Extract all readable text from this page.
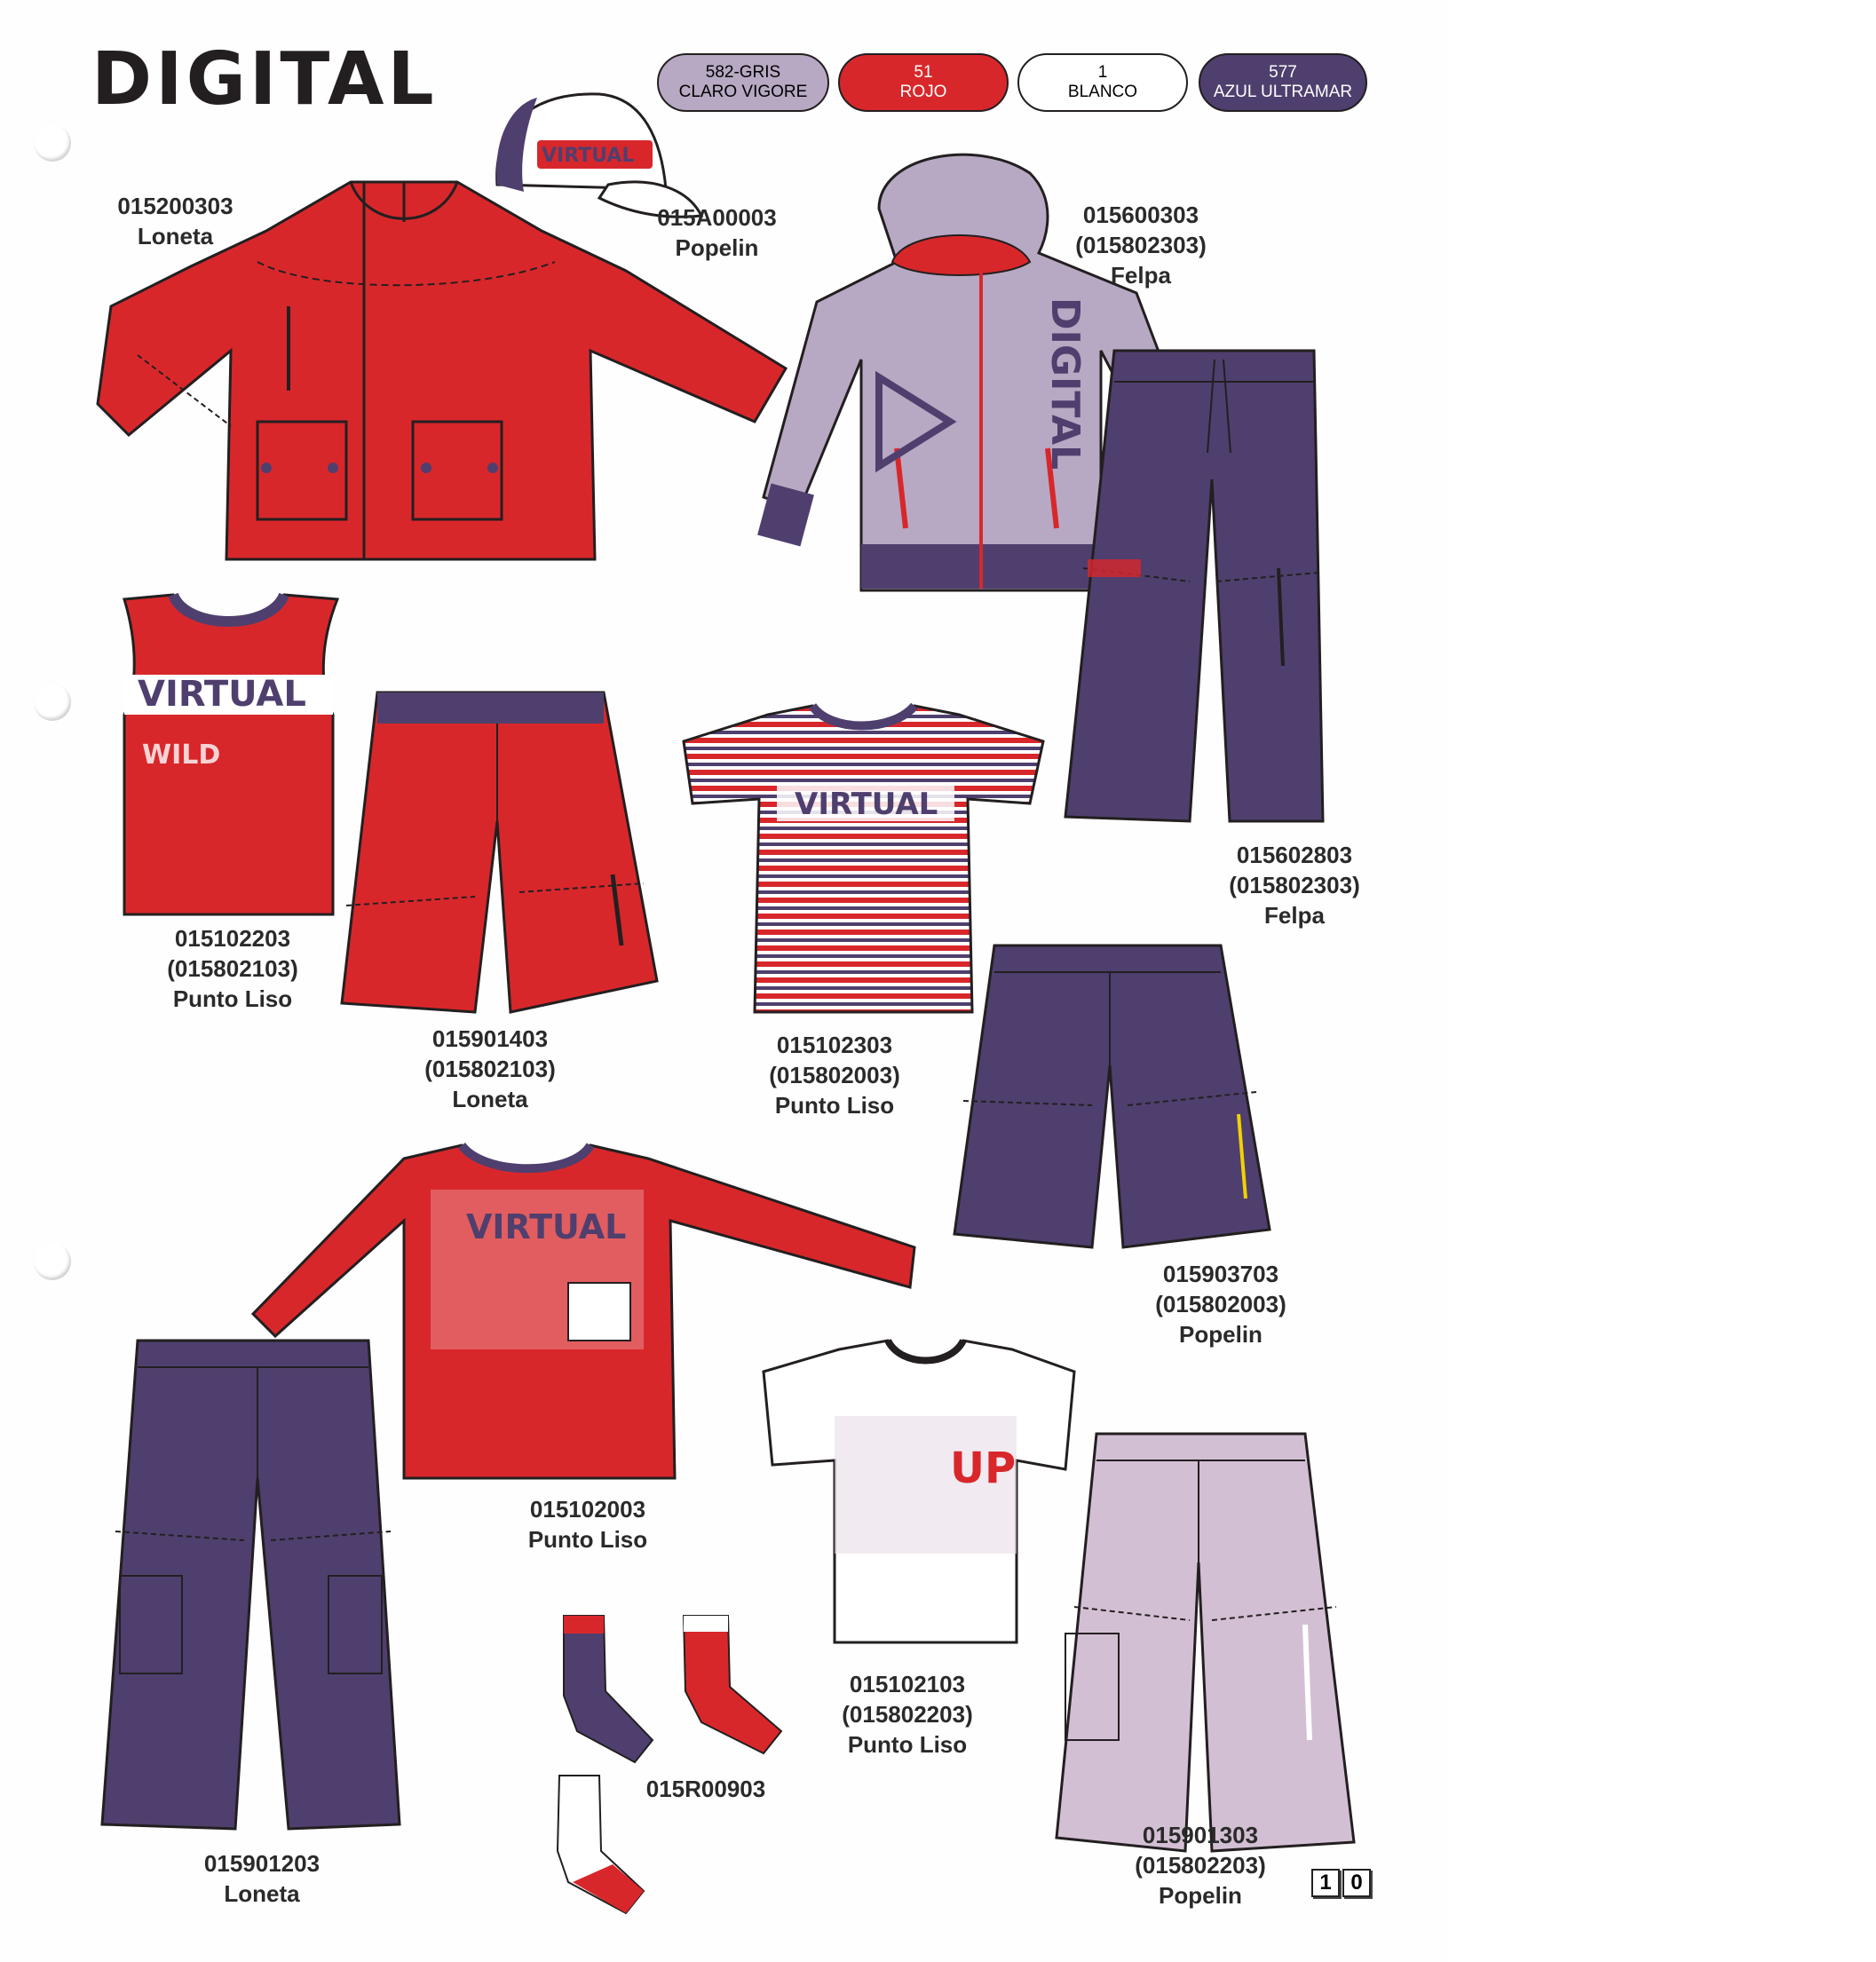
DIGITAL	582-GRIS
CLARO VIGORE
51
ROJO
1
BLANCO
577
AZUL ULTRAMAR
VIRTUAL
DIGITAL
VIRTUAL
WILD
VIRTUAL
VIRTUAL
UP
015200303
Loneta
015A00003
Popelin
015600303
(015802303)
Felpa
015602803
(015802303)
Felpa
015102203
(015802103)
Punto Liso
015901403
(015802103)
Loneta
015102303
(015802003)
Punto Liso
015903703
(015802003)
Popelin
015102003
Punto Liso
015901203
Loneta
015R00903
015102103
(015802203)
Punto Liso
015901303
(015802203)
Popelin	1 0
